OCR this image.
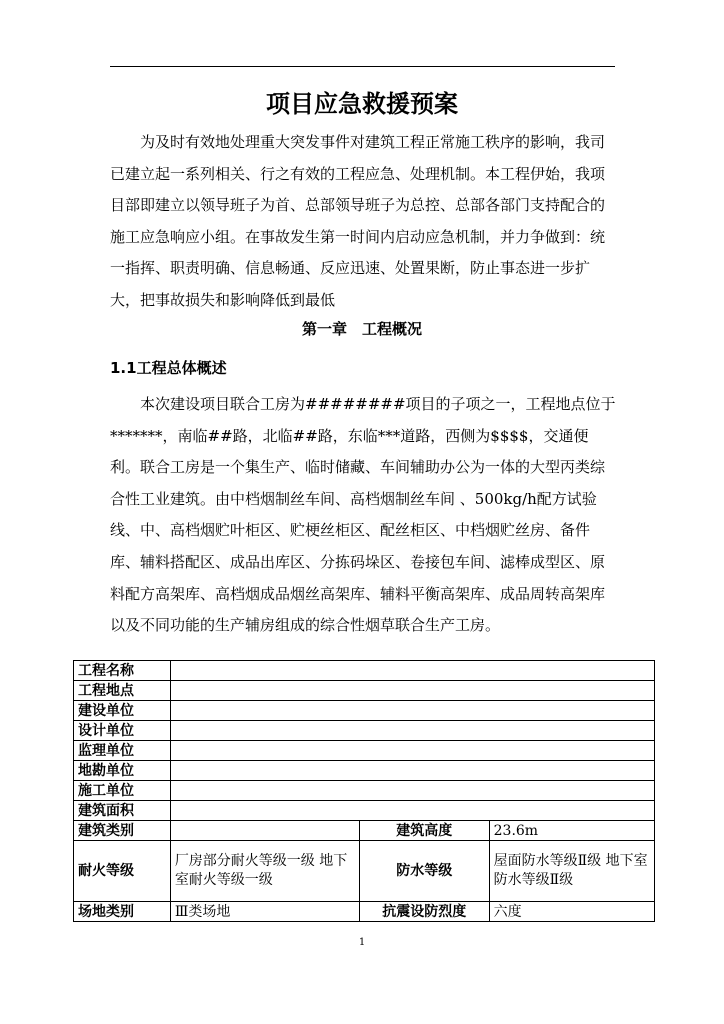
项目应急救援预案

为及时有效地处理重大突发事件对建筑工程正常施工秩序的影响，我司已建立起一系列相关、行之有效的工程应急、处理机制。本工程伊始，我项目部即建立以领导班子为首、总部领导班子为总控、总部各部门支持配合的施工应急响应小组。在事故发生第一时间内启动应急机制，并力争做到：统一指挥、职责明确、信息畅通、反应迅速、处置果断，防止事态进一步扩大，把事故损失和影响降低到最低

第一章　工程概况
1.1工程总体概述

本次建设项目联合工房为########项目的子项之一，工程地点位于*******，南临##路，北临##路，东临***道路，西侧为$$$$，交通便利。联合工房是一个集生产、临时储藏、车间辅助办公为一体的大型丙类综合性工业建筑。由中档烟制丝车间、高档烟制丝车间 、500kg/h配方试验线、中、高档烟贮叶柜区、贮梗丝柜区、配丝柜区、中档烟贮丝房、备件库、辅料搭配区、成品出库区、分拣码垛区、卷接包车间、滤棒成型区、原料配方高架库、高档烟成品烟丝高架库、辅料平衡高架库、成品周转高架库以及不同功能的生产辅房组成的综合性烟草联合生产工房。

工程名称			
工程地点			
建设单位			
设计单位			
监理单位			
地勘单位			
施工单位			
建筑面积			
建筑类别		建筑高度	23.6m
耐火等级	厂房部分耐火等级一级 地下室耐火等级一级	防水等级	屋面防水等级Ⅱ级 地下室防水等级Ⅱ级
场地类别	Ⅲ类场地	抗震设防烈度	六度
1
